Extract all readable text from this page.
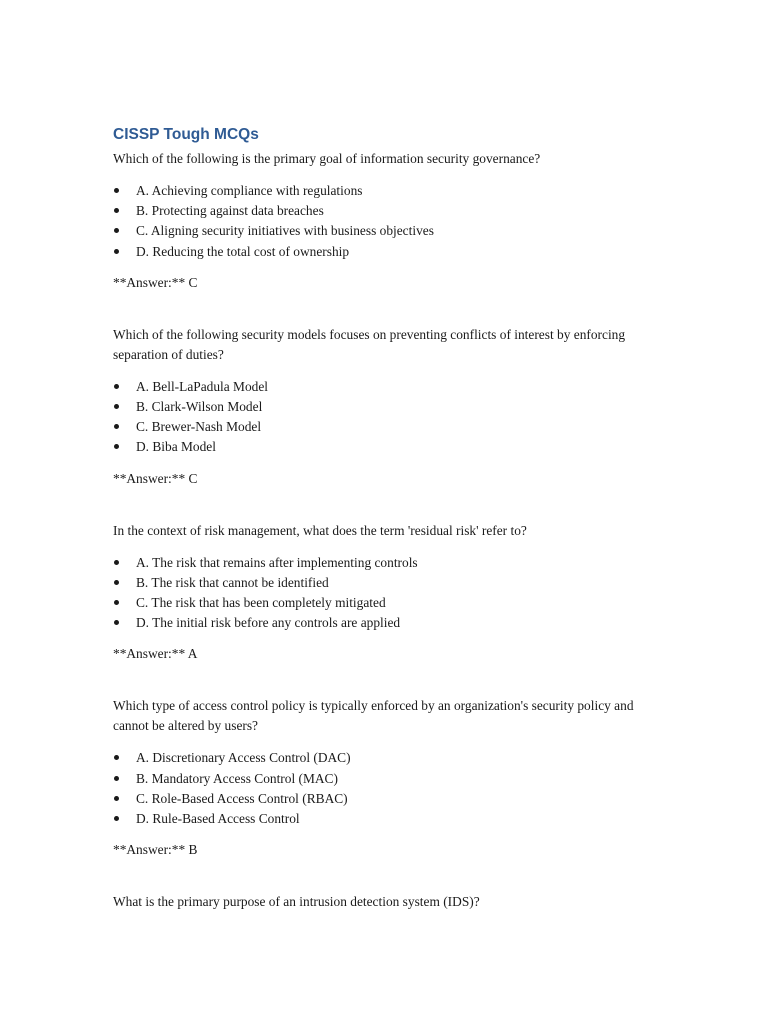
CISSP Tough MCQs

Which of the following is the primary goal of information security governance?

A. Achieving compliance with regulations
B. Protecting against data breaches
C. Aligning security initiatives with business objectives
D. Reducing the total cost of ownership

**Answer:** C

Which of the following security models focuses on preventing conflicts of interest by enforcing separation of duties?

A. Bell-LaPadula Model
B. Clark-Wilson Model
C. Brewer-Nash Model
D. Biba Model

**Answer:** C

In the context of risk management, what does the term 'residual risk' refer to?

A. The risk that remains after implementing controls
B. The risk that cannot be identified
C. The risk that has been completely mitigated
D. The initial risk before any controls are applied

**Answer:** A

Which type of access control policy is typically enforced by an organization's security policy and cannot be altered by users?

A. Discretionary Access Control (DAC)
B. Mandatory Access Control (MAC)
C. Role-Based Access Control (RBAC)
D. Rule-Based Access Control

**Answer:** B

What is the primary purpose of an intrusion detection system (IDS)?
